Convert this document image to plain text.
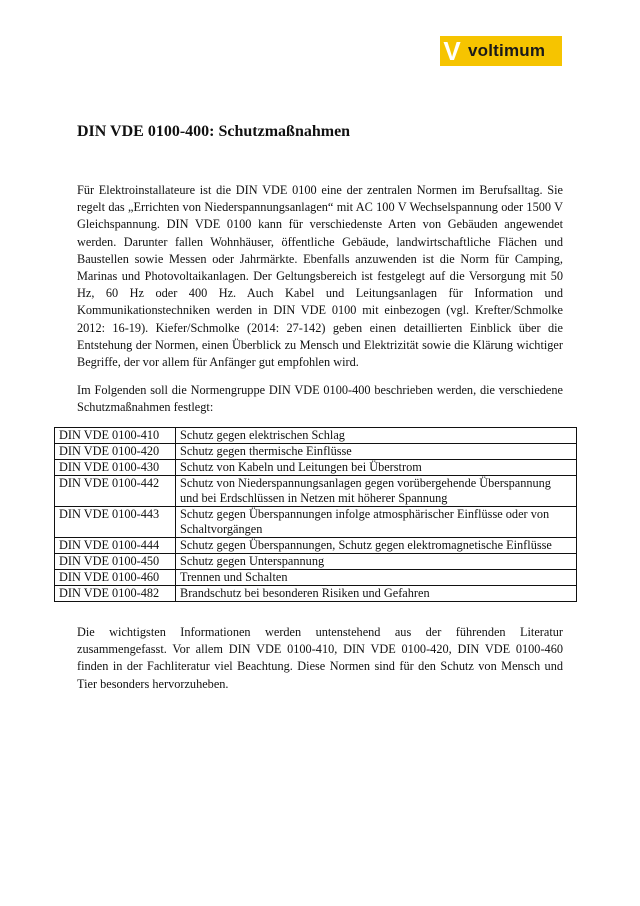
V voltimum
DIN VDE 0100-400: Schutzmaßnahmen

Für Elektroinstallateure ist die DIN VDE 0100 eine der zentralen Normen im Berufsalltag. Sie regelt das „Errichten von Niederspannungsanlagen“ mit AC 100 V Wechselspannung oder 1500 V Gleichspannung. DIN VDE 0100 kann für verschiedenste Arten von Gebäuden angewendet werden. Darunter fallen Wohnhäuser, öffentliche Gebäude, landwirtschaftliche Flächen und Baustellen sowie Messen oder Jahrmärkte. Ebenfalls anzuwenden ist die Norm für Camping, Marinas und Photovoltaikanlagen. Der Geltungsbereich ist festgelegt auf die Versorgung mit 50 Hz, 60 Hz oder 400 Hz. Auch Kabel und Leitungsanlagen für Information und Kommunikationstechniken werden in DIN VDE 0100 mit einbezogen (vgl. Krefter/Schmolke 2012: 16-19). Kiefer/Schmolke (2014: 27-142) geben einen detaillierten Einblick über die Entstehung der Normen, einen Überblick zu Mensch und Elektrizität sowie die Klärung wichtiger Begriffe, der vor allem für Anfänger gut empfohlen wird.

Im Folgenden soll die Normengruppe DIN VDE 0100-400 beschrieben werden, die verschiedene Schutzmaßnahmen festlegt:

DIN VDE 0100-410	Schutz gegen elektrischen Schlag
DIN VDE 0100-420	Schutz gegen thermische Einflüsse
DIN VDE 0100-430	Schutz von Kabeln und Leitungen bei Überstrom
DIN VDE 0100-442	Schutz von Niederspannungsanlagen gegen vorübergehende Überspannung und bei Erdschlüssen in Netzen mit höherer Spannung
DIN VDE 0100-443	Schutz gegen Überspannungen infolge atmosphärischer Einflüsse oder von Schaltvorgängen
DIN VDE 0100-444	Schutz gegen Überspannungen, Schutz gegen elektromagnetische Einflüsse
DIN VDE 0100-450	Schutz gegen Unterspannung
DIN VDE 0100-460	Trennen und Schalten
DIN VDE 0100-482	Brandschutz bei besonderen Risiken und Gefahren

Die wichtigsten Informationen werden untenstehend aus der führenden Literatur zusammengefasst. Vor allem DIN VDE 0100-410, DIN VDE 0100-420, DIN VDE 0100-460 finden in der Fachliteratur viel Beachtung. Diese Normen sind für den Schutz von Mensch und Tier besonders hervorzuheben.
